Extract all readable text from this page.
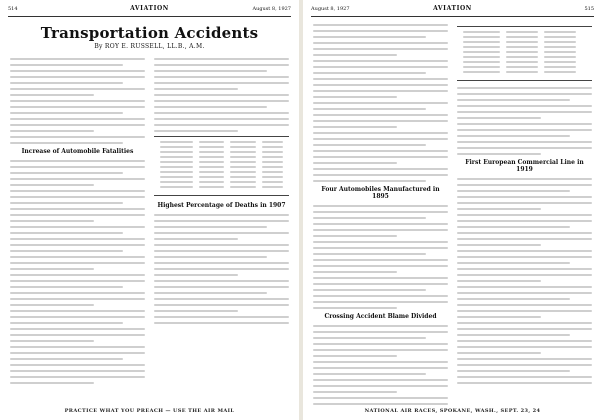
514	AVIATION	August 8, 1927
Transportation Accidents
By ROY E. RUSSELL, LL.B., A.M.
Increase of Automobile Fatalities
Highest Percentage of Deaths in 1907
PRACTICE WHAT YOU PREACH — USE THE AIR MAIL
August 8, 1927	AVIATION	515
Four Automobiles Manufactured in 1895
Crossing Accident Blame Divided
First European Commercial Line in 1919
NATIONAL AIR RACES, SPOKANE, WASH., SEPT. 23, 24
